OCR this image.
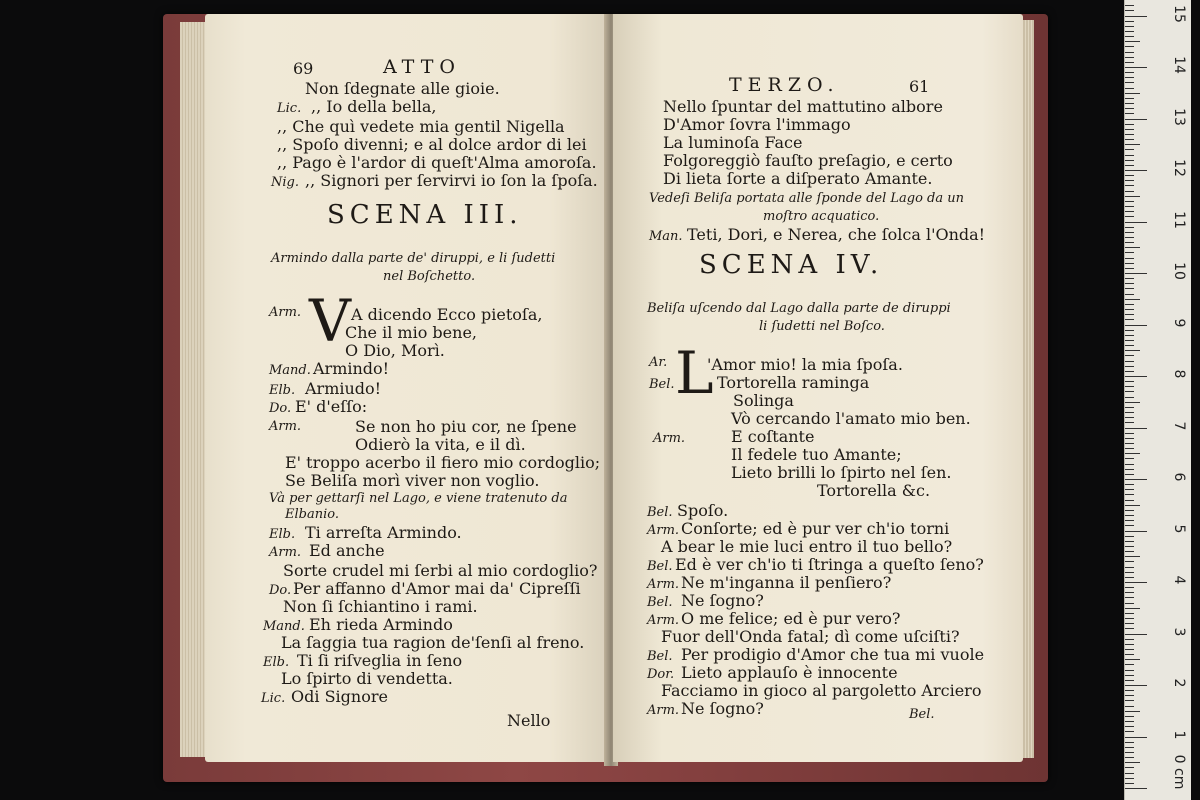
69	ATTO
Non ſdegnate alle gioie.
Lic. ,, Io della bella,
,, Che quì vedete mia gentil Nigella
,, Spoſo divenni; e al dolce ardor di lei
,, Pago è l'ardor di queſt'Alma amoroſa.
Nig. ,, Signori per ſervirvi io ſon la ſpoſa.
SCENA III.
Armindo dalla parte de' diruppi, e li ſudetti
nel Boſchetto.
Arm. V A dicendo Ecco pietoſa,
Che il mio bene,
O Dio, Morì.
Mand. Armindo!
Elb. Armiudo!
Do. E' d'eſſo:
Arm.	Se non ho piu cor, ne ſpene
Odierò la vita, e il dì.
E' troppo acerbo il fiero mio cordoglio;
Se Beliſa morì viver non voglio.
Và per gettarſi nel Lago, e viene tratenuto da
Elbanio.
Elb. Ti arreſta Armindo.
Arm. Ed anche
Sorte crudel mi ſerbi al mio cordoglio?
Do. Per affanno d'Amor mai da' Cipreſſi
Non ſi ſchiantino i rami.
Mand. Eh rieda Armindo
La ſaggia tua ragion de'ſenſi al freno.
Elb. Ti ſi riſveglia in ſeno
Lo ſpirto di vendetta.
Lic. Odi Signore
Nello
TERZO.	61
Nello ſpuntar del mattutino albore
D'Amor ſovra l'immago
La luminoſa Face
Folgoreggiò fauſto preſagio, e certo
Di lieta ſorte a diſperato Amante.
Vedeſi Beliſa portata alle ſponde del Lago da un
moſtro acquatico.
Man. Teti, Dori, e Nerea, che ſolca l'Onda!
SCENA IV.
Beliſa uſcendo dal Lago dalla parte de diruppi
li ſudetti nel Boſco.
Ar. L
'Amor mio! la mia ſpoſa.
Bel.	Tortorella raminga
Solinga
Vò cercando l'amato mio ben.
Arm.	E coſtante
Il fedele tuo Amante;
Lieto brilli lo ſpirto nel ſen.
Tortorella &c.
Bel. Spoſo.
Arm. Conſorte; ed è pur ver ch'io torni
A bear le mie luci entro il tuo bello?
Bel. Ed è ver ch'io ti ſtringa a queſto ſeno?
Arm. Ne m'inganna il penſiero?
Bel. Ne ſogno?
Arm. O me felice; ed è pur vero?
Fuor dell'Onda fatal; dì come uſciſti?
Bel. Per prodigio d'Amor che tua mi vuole
Dor. Lieto applauſo è innocente
Facciamo in gioco al pargoletto Arciero
Arm. Ne ſogno?	Bel.
0 cm
1
2
3
4
5
6
7
8
9
10
11
12
13
14
15
